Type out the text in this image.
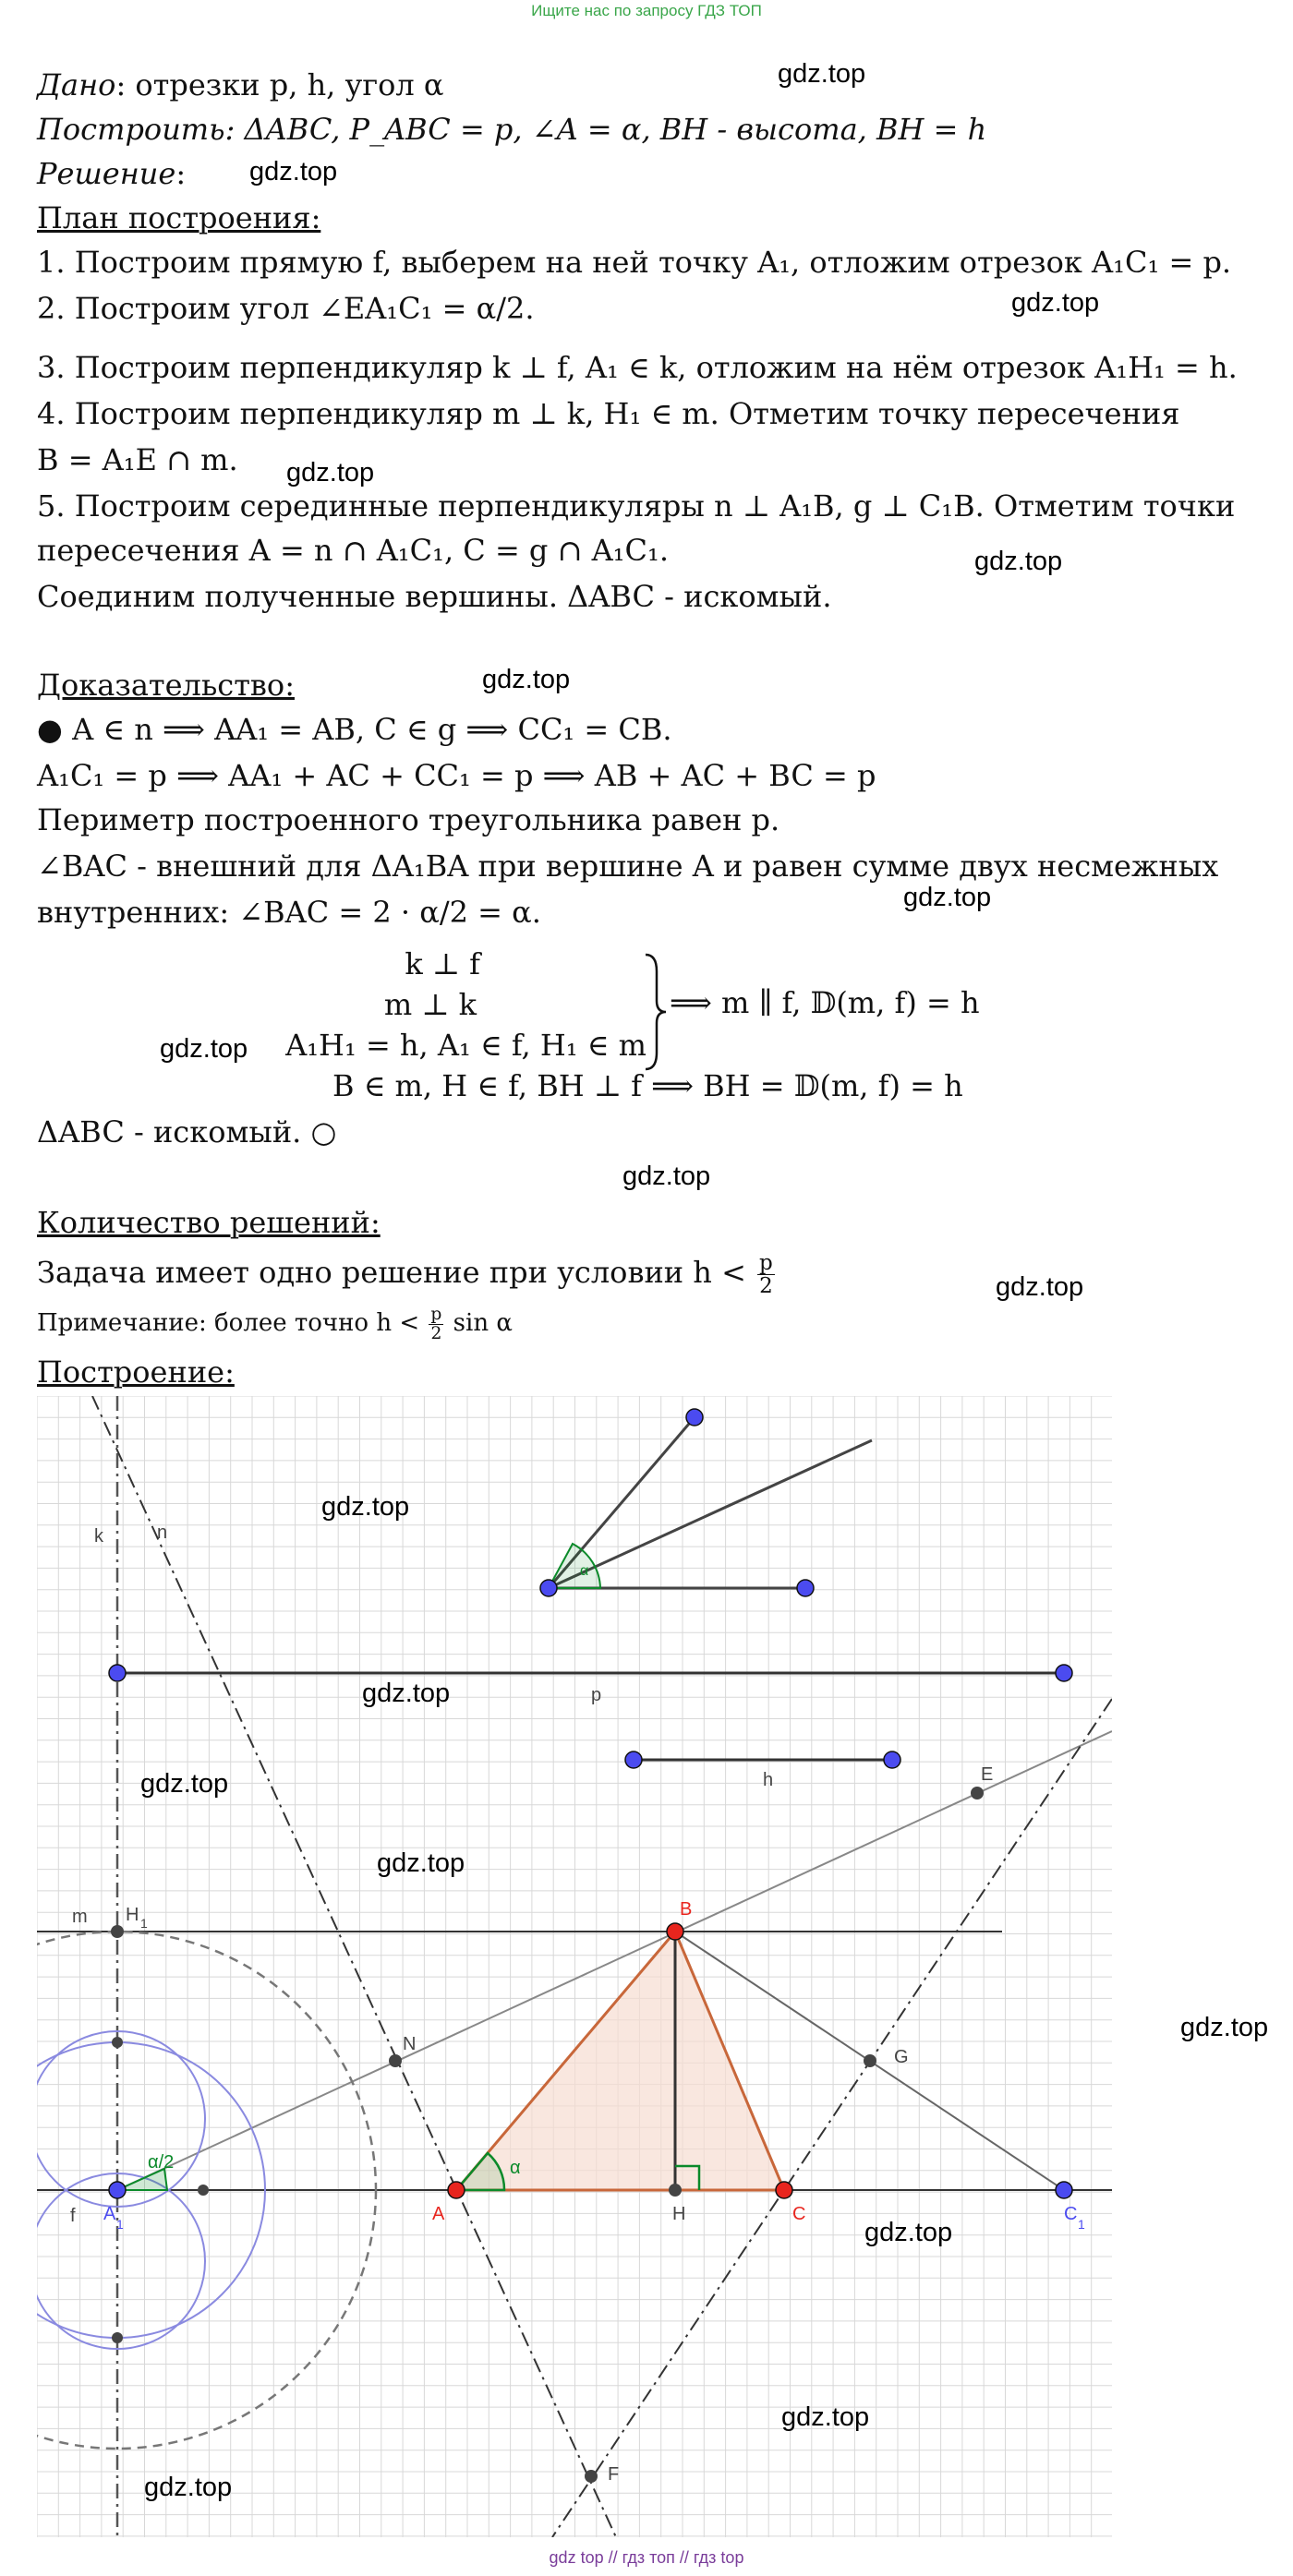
Ищите нас по запросу ГДЗ ТОП
gdz.top
gdz.top
gdz.top
gdz.top
gdz.top
gdz.top
gdz.top
gdz.top
gdz.top
gdz.top
Дано: отрезки p, h, угол α
Построить: ΔABC, P_ABC = p, ∠A = α, BH - высота, BH = h
Решение:
План построения:
1. Построим прямую f, выберем на ней точку A₁, отложим отрезок A₁C₁ = p.
2. Построим угол ∠EA₁C₁ = α/2.
3. Построим перпендикуляр k ⊥ f, A₁ ∈ k, отложим на нём отрезок A₁H₁ = h.
4. Построим перпендикуляр m ⊥ k, H₁ ∈ m. Отметим точку пересечения
B = A₁E ∩ m.
5. Построим серединные перпендикуляры n ⊥ A₁B, g ⊥ C₁B. Отметим точки
пересечения A = n ∩ A₁C₁, C = g ∩ A₁C₁.
Соединим полученные вершины. ΔABC - искомый.
Доказательство:
● A ∈ n ⟹ AA₁ = AB, C ∈ g ⟹ CC₁ = CB.
A₁C₁ = p ⟹ AA₁ + AC + CC₁ = p ⟹ AB + AC + BC = p
Периметр построенного треугольника равен p.
∠BAC - внешний для ΔA₁BA при вершине A и равен сумме двух несмежных
внутренних: ∠BAC = 2 · α/2 = α.
k ⊥ f
m ⊥ k
A₁H₁ = h, A₁ ∈ f, H₁ ∈ m
⟹ m ∥ f, 𝔻(m, f) = h
B ∈ m, H ∈ f, BH ⊥ f ⟹ BH = 𝔻(m, f) = h
ΔABC - искомый. ○
Количество решений:
Задача имеет одно решение при условии $h < \frac{p}{2}$
Примечание: более точно $h < \frac{p}{2}$ sin α
Построение:
k	n
m H 1
f A 1	A
B
C	C 1
H
N
G
E
F
p
h
α
α
α/2
gdz.top
gdz.top
gdz.top
gdz.top
gdz.top
gdz.top
gdz.top
gdz.top
gdz top // гдз топ // гдз top
